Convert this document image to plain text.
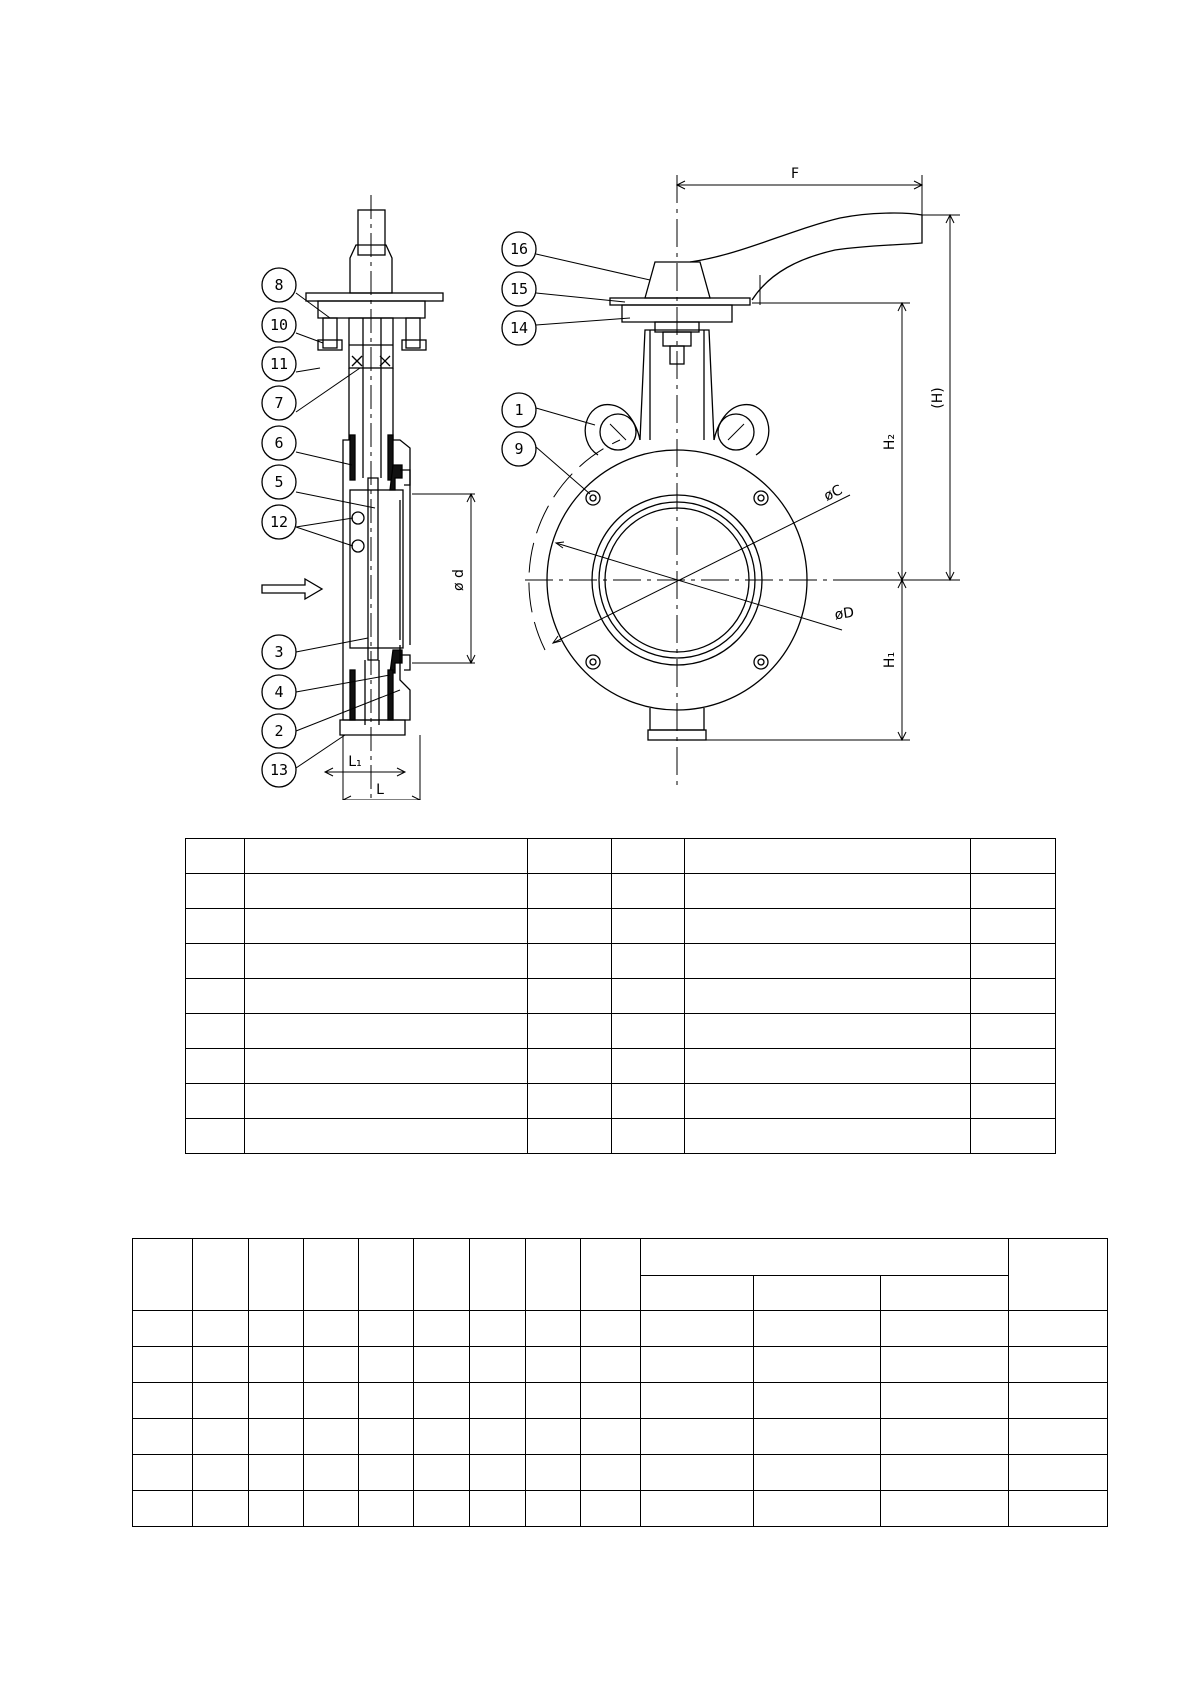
8
10
11
7
6
5
12
3
4
2
13
16
15
14
1
9
F
(H)
H₂
H₁
L
L₁
ø d
øC
øD
